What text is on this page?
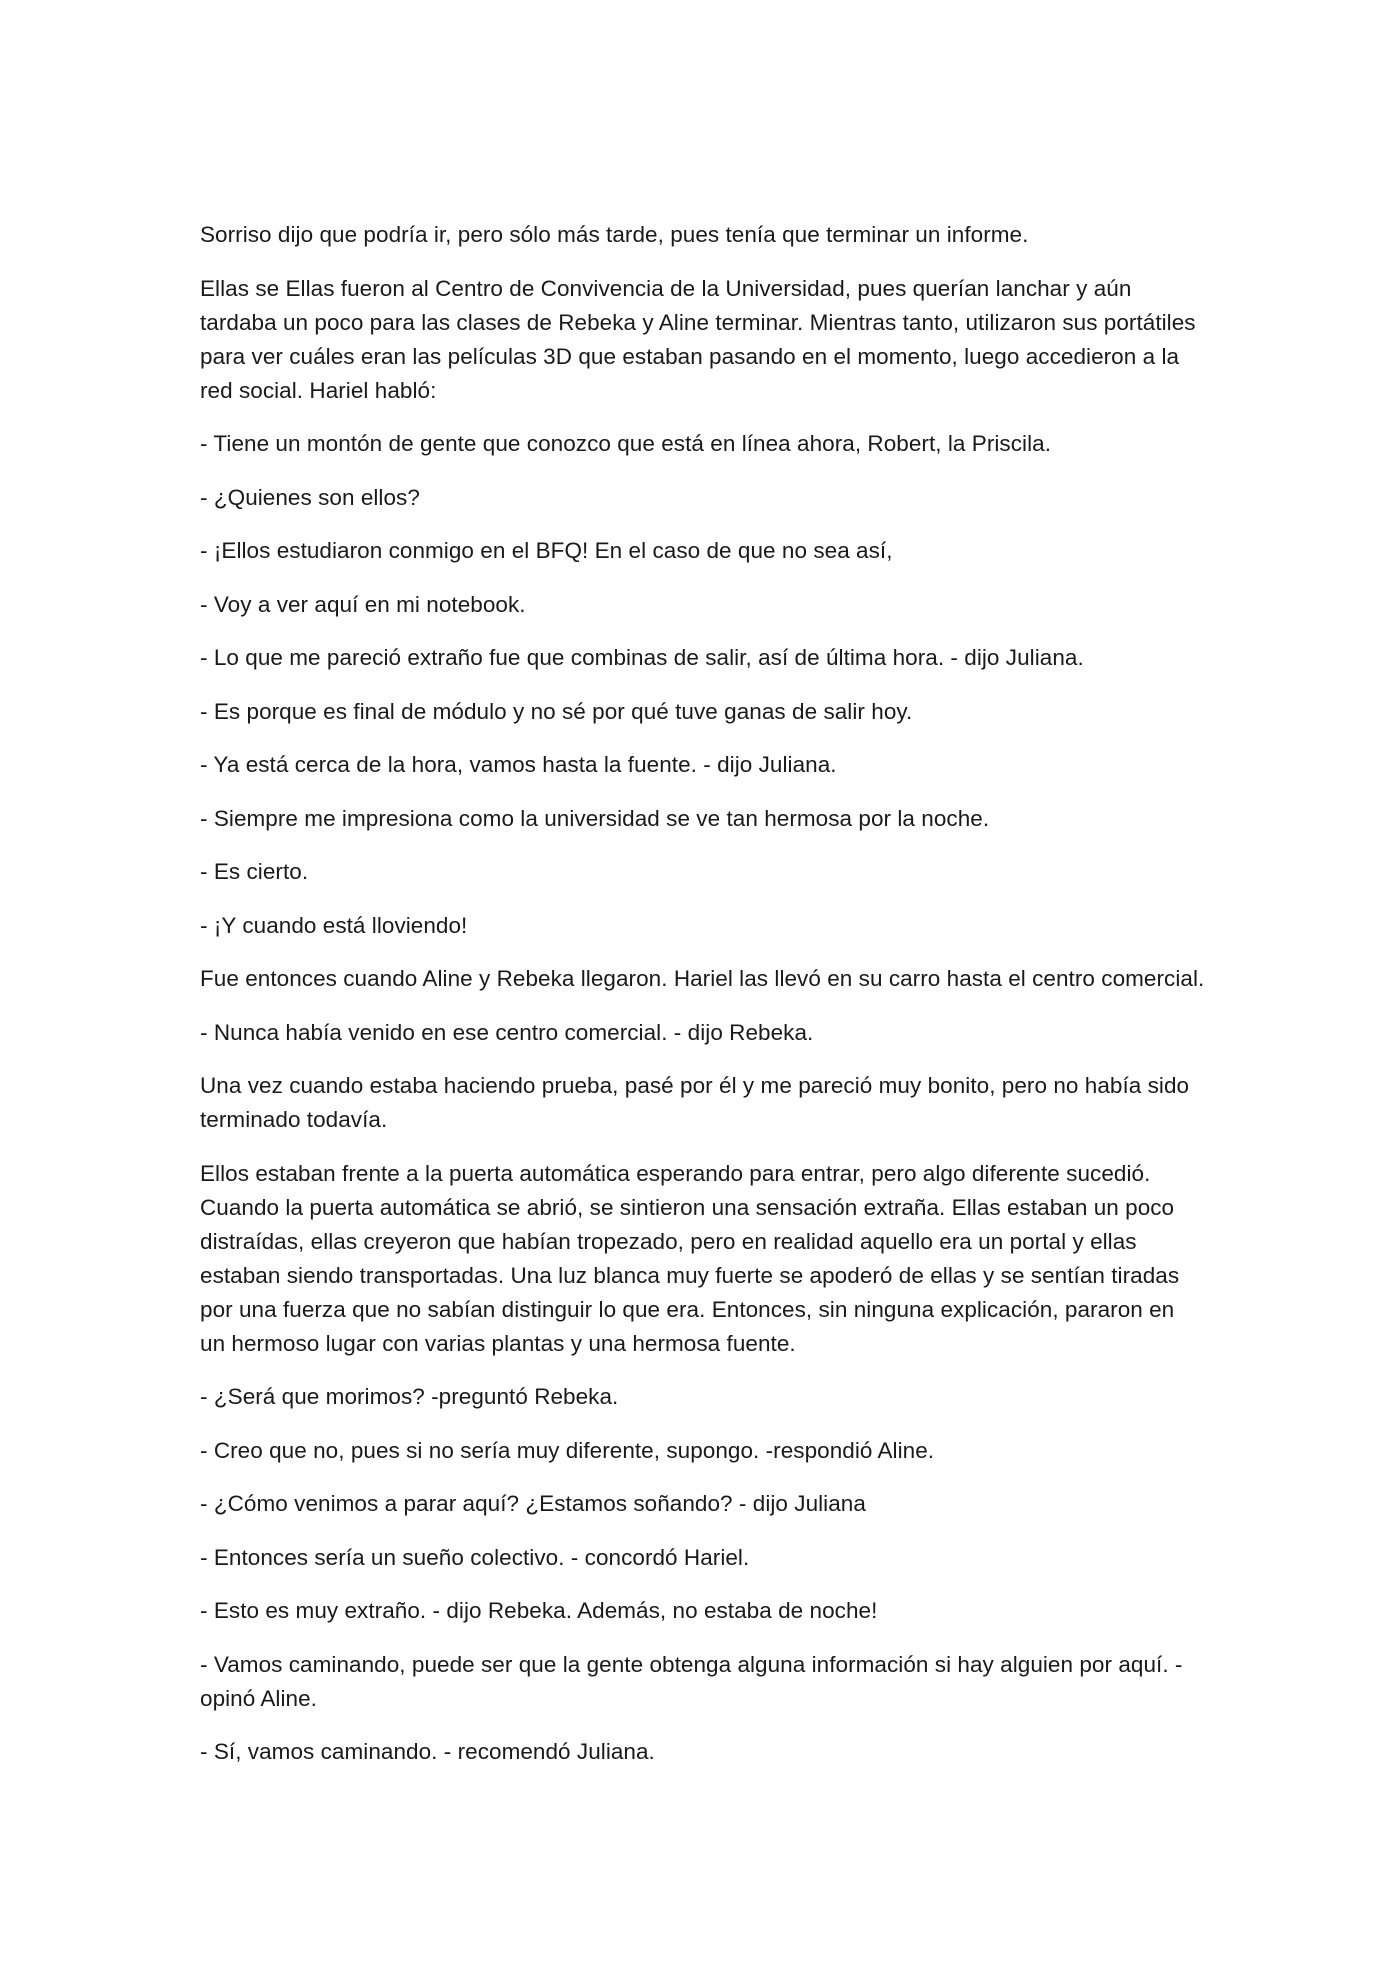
Sorriso dijo que podría ir, pero sólo más tarde, pues tenía que terminar un informe.

Ellas se Ellas fueron al Centro de Convivencia de la Universidad, pues querían lanchar y aún tardaba un poco para las clases de Rebeka y Aline terminar. Mientras tanto, utilizaron sus portátiles para ver cuáles eran las películas 3D que estaban pasando en el momento, luego accedieron a la red social. Hariel habló:

- Tiene un montón de gente que conozco que está en línea ahora, Robert, la Priscila.

- ¿Quienes son ellos?

- ¡Ellos estudiaron conmigo en el BFQ! En el caso de que no sea así,

- Voy a ver aquí en mi notebook.

- Lo que me pareció extraño fue que combinas de salir, así de última hora. - dijo Juliana.

- Es porque es final de módulo y no sé por qué tuve ganas de salir hoy.

- Ya está cerca de la hora, vamos hasta la fuente. - dijo Juliana.

- Siempre me impresiona como la universidad se ve tan hermosa por la noche.

- Es cierto.

- ¡Y cuando está lloviendo!

Fue entonces cuando Aline y Rebeka llegaron. Hariel las llevó en su carro hasta el centro comercial.

- Nunca había venido en ese centro comercial. - dijo Rebeka.

Una vez cuando estaba haciendo prueba, pasé por él y me pareció muy bonito, pero no había sido terminado todavía.

Ellos estaban frente a la puerta automática esperando para entrar, pero algo diferente sucedió. Cuando la puerta automática se abrió, se sintieron una sensación extraña. Ellas estaban un poco distraídas, ellas creyeron que habían tropezado, pero en realidad aquello era un portal y ellas estaban siendo transportadas. Una luz blanca muy fuerte se apoderó de ellas y se sentían tiradas por una fuerza que no sabían distinguir lo que era. Entonces, sin ninguna explicación, pararon en un hermoso lugar con varias plantas y una hermosa fuente.

- ¿Será que morimos? -preguntó Rebeka.

- Creo que no, pues si no sería muy diferente, supongo. -respondió Aline.

- ¿Cómo venimos a parar aquí? ¿Estamos soñando? - dijo Juliana

- Entonces sería un sueño colectivo. - concordó Hariel.

- Esto es muy extraño. - dijo Rebeka. Además, no estaba de noche!

- Vamos caminando, puede ser que la gente obtenga alguna información si hay alguien por aquí. - opinó Aline.

- Sí, vamos caminando. - recomendó Juliana.
